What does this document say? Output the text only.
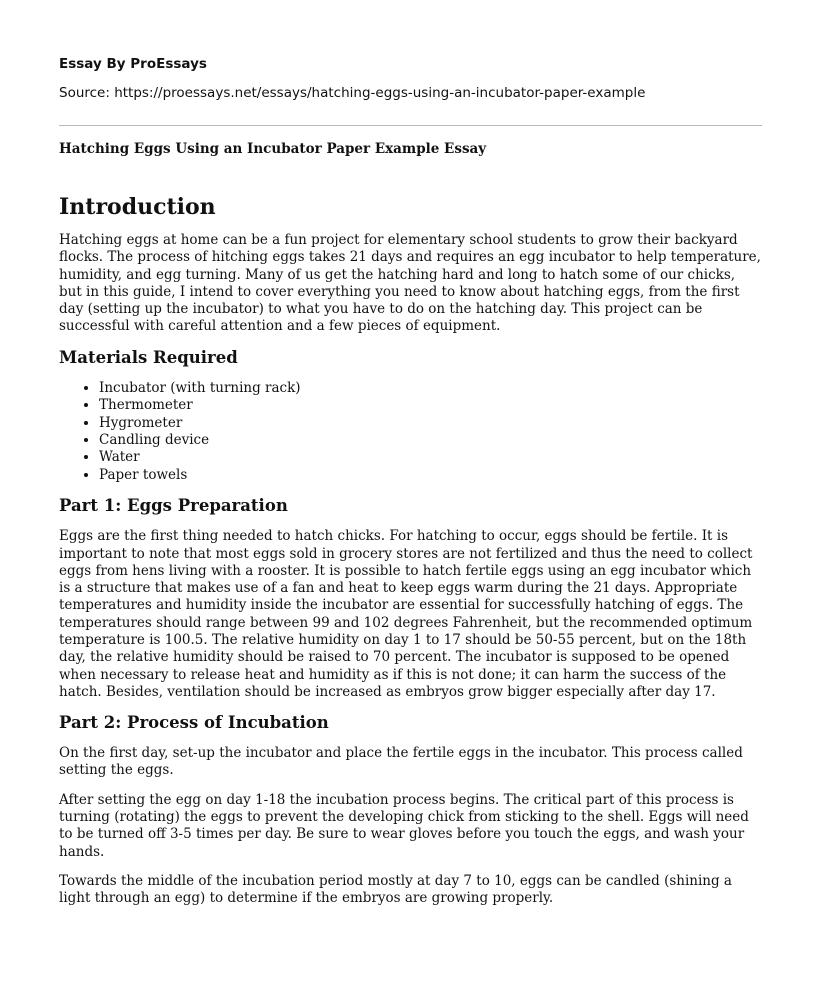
Essay By ProEssays

Source: https://proessays.net/essays/hatching-eggs-using-an-incubator-paper-example

Hatching Eggs Using an Incubator Paper Example Essay

Introduction

Hatching eggs at home can be a fun project for elementary school students to grow their backyard flocks. The process of hitching eggs takes 21 days and requires an egg incubator to help temperature, humidity, and egg turning. Many of us get the hatching hard and long to hatch some of our chicks, but in this guide, I intend to cover everything you need to know about hatching eggs, from the first day (setting up the incubator) to what you have to do on the hatching day. This project can be successful with careful attention and a few pieces of equipment.

Materials Required
• Incubator (with turning rack)
• Thermometer
• Hygrometer
• Candling device
• Water
• Paper towels
Part 1: Eggs Preparation

Eggs are the first thing needed to hatch chicks. For hatching to occur, eggs should be fertile. It is important to note that most eggs sold in grocery stores are not fertilized and thus the need to collect eggs from hens living with a rooster. It is possible to hatch fertile eggs using an egg incubator which is a structure that makes use of a fan and heat to keep eggs warm during the 21 days. Appropriate temperatures and humidity inside the incubator are essential for successfully hatching of eggs. The temperatures should range between 99 and 102 degrees Fahrenheit, but the recommended optimum temperature is 100.5. The relative humidity on day 1 to 17 should be 50-55 percent, but on the 18th day, the relative humidity should be raised to 70 percent. The incubator is supposed to be opened when necessary to release heat and humidity as if this is not done; it can harm the success of the hatch. Besides, ventilation should be increased as embryos grow bigger especially after day 17.

Part 2: Process of Incubation

On the first day, set-up the incubator and place the fertile eggs in the incubator. This process called setting the eggs.

After setting the egg on day 1-18 the incubation process begins. The critical part of this process is turning (rotating) the eggs to prevent the developing chick from sticking to the shell. Eggs will need to be turned off 3-5 times per day. Be sure to wear gloves before you touch the eggs, and wash your hands.

Towards the middle of the incubation period mostly at day 7 to 10, eggs can be candled (shining a light through an egg) to determine if the embryos are growing properly.
